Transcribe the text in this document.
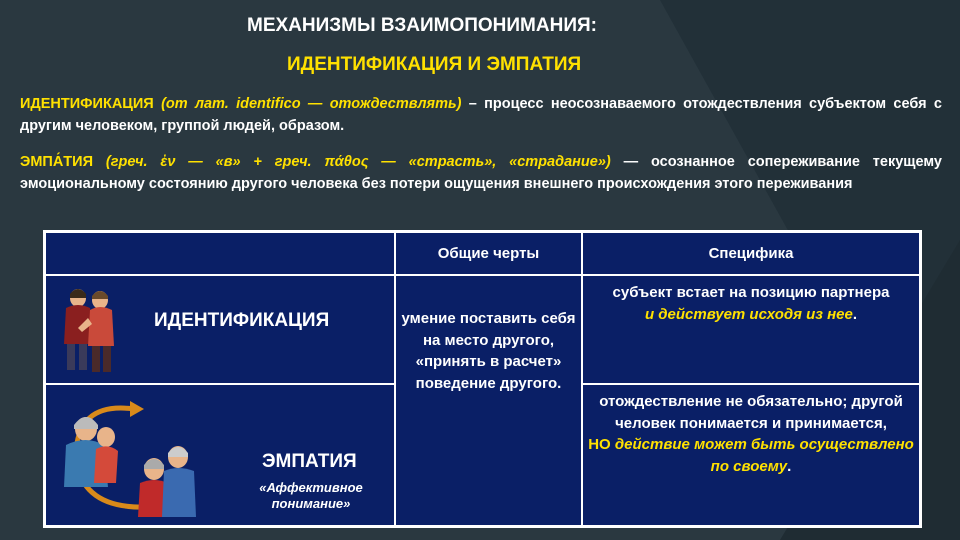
МЕХАНИЗМЫ ВЗАИМОПОНИМАНИЯ:
ИДЕНТИФИКАЦИЯ И ЭМПАТИЯ

ИДЕНТИФИКАЦИЯ (от лат. identifico — отождествлять) – процесс неосознаваемого отождествления субъектом себя с другим человеком, группой людей, образом.

ЭМПА́ТИЯ (греч. ἐν — «в» + греч. πάθος — «страсть», «страдание») — осознанное сопереживание текущему эмоциональному состоянию другого человека без потери ощущения внешнего происхождения этого переживания

Общие черты	Специфика
ИДЕНТИФИКАЦИЯ
ЭМПАТИЯ
«Аффективное понимание»
умение поставить себя на место другого, «принять в расчет» поведение другого.
субъект встает на позицию партнера
и действует исходя из нее.
отождествление не обязательно; другой человек понимается и принимается,
НО действие может быть осуществлено по своему.
